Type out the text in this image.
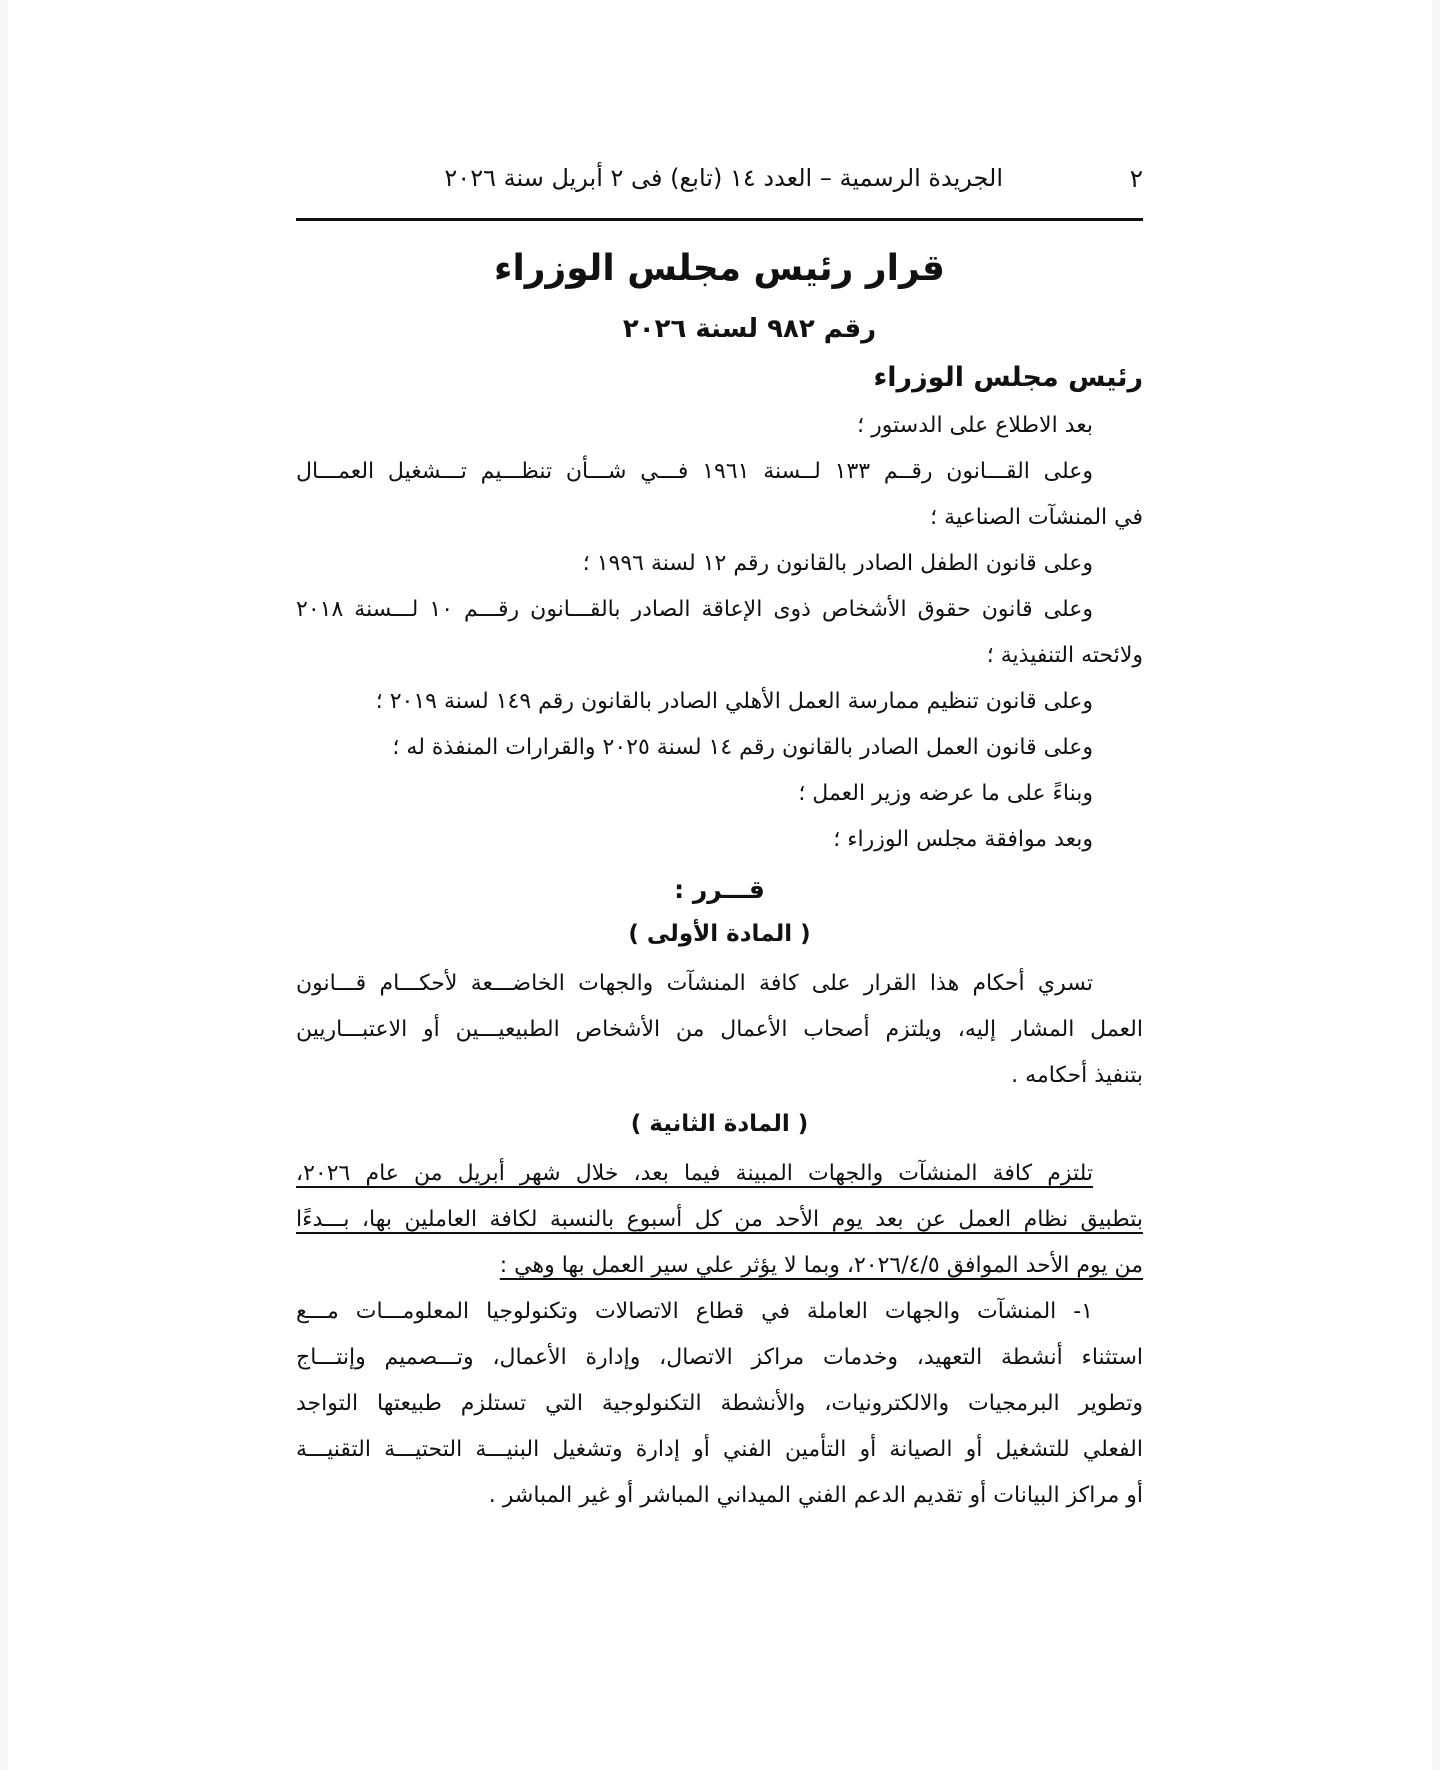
٢
الجريدة الرسمية – العدد ١٤ (تابع) فى ٢ أبريل سنة ٢٠٢٦
قرار رئيس مجلس الوزراء
رقم ٩٨٢ لسنة ٢٠٢٦
رئيس مجلس الوزراء
بعد الاطلاع على الدستور ؛
وعلى القـــانون رقــم ١٣٣ لــسنة ١٩٦١ فـــي شـــأن تنظـــيم تـــشغيل العمـــال
في المنشآت الصناعية ؛
وعلى قانون الطفل الصادر بالقانون رقم ١٢ لسنة ١٩٩٦ ؛
وعلى قانون حقوق الأشخاص ذوى الإعاقة الصادر بالقـــانون رقـــم ١٠ لـــسنة ٢٠١٨
ولائحته التنفيذية ؛
وعلى قانون تنظيم ممارسة العمل الأهلي الصادر بالقانون رقم ١٤٩ لسنة ٢٠١٩ ؛
وعلى قانون العمل الصادر بالقانون رقم ١٤ لسنة ٢٠٢٥ والقرارات المنفذة له ؛
وبناءً على ما عرضه وزير العمل ؛
وبعد موافقة مجلس الوزراء ؛
قـــرر :
( المادة الأولى )
تسري أحكام هذا القرار على كافة المنشآت والجهات الخاضـــعة لأحكـــام قـــانون
العمل المشار إليه، ويلتزم أصحاب الأعمال من الأشخاص الطبيعيـــين أو الاعتبـــاريين
بتنفيذ أحكامه .
( المادة الثانية )
تلتزم كافة المنشآت والجهات المبينة فيما بعد، خلال شهر أبريل من عام ٢٠٢٦،
بتطبيق نظام العمل عن بعد يوم الأحد من كل أسبوع بالنسبة لكافة العاملين بها، بـــدءًا
من يوم الأحد الموافق ٢٠٢٦/٤/٥، وبما لا يؤثر علي سير العمل بها وهي :
١- المنشآت والجهات العاملة في قطاع الاتصالات وتكنولوجيا المعلومـــات مـــع
استثناء أنشطة التعهيد، وخدمات مراكز الاتصال، وإدارة الأعمال، وتـــصميم وإنتـــاج
وتطوير البرمجيات والالكترونيات، والأنشطة التكنولوجية التي تستلزم طبيعتها التواجد
الفعلي للتشغيل أو الصيانة أو التأمين الفني أو إدارة وتشغيل البنيـــة التحتيـــة التقنيـــة
أو مراكز البيانات أو تقديم الدعم الفني الميداني المباشر أو غير المباشر .
